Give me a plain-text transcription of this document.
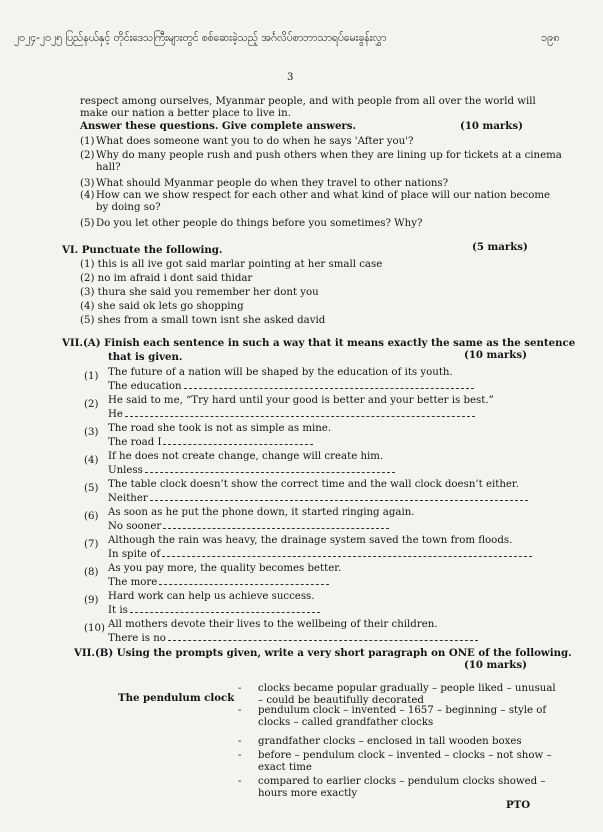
၂၀၂၄-၂၀၂၅ ပြည်နယ်နှင့် တိုင်းဒေသကြီးများတွင် စစ်ဆေးခဲ့သည့် အင်္ဂလိပ်စာဘာသာရပ်မေးခွန်းလွှာ	၁၉၈
3
respect among ourselves, Myanmar people, and with people from all over the world will
make our nation a better place to live in.
Answer these questions. Give complete answers.	(10 marks)
(1) What does someone want you to do when he says 'After you'?
(2) Why do many people rush and push others when they are lining up for tickets at a cinema
hall?
(3) What should Myanmar people do when they travel to other nations?
(4) How can we show respect for each other and what kind of place will our nation become
by doing so?
(5) Do you let other people do things before you sometimes? Why?
VI. Punctuate the following.	(5 marks)
(1) this is all ive got said marlar pointing at her small case
(2) no im afraid i dont said thidar
(3) thura she said you remember her dont you
(4) she said ok lets go shopping
(5) shes from a small town isnt she asked david
VII.(A) Finish each sentence in such a way that it means exactly the same as the sentence
that is given.	(10 marks)
(1) The future of a nation will be shaped by the education of its youth.
The education
(2) He said to me, “Try hard until your good is better and your better is best.”
He
(3) The road she took is not as simple as mine.
The road I
(4) If he does not create change, change will create him.
Unless
(5) The table clock doesn’t show the correct time and the wall clock doesn’t either.
Neither
(6) As soon as he put the phone down, it started ringing again.
No sooner
(7) Although the rain was heavy, the drainage system saved the town from floods.
In spite of
(8) As you pay more, the quality becomes better.
The more
(9) Hard work can help us achieve success.
It is
(10) All mothers devote their lives to the wellbeing of their children.
There is no
VII.(B) Using the prompts given, write a very short paragraph on ONE of the following.
(10 marks)
The pendulum clock
- clocks became popular gradually – people liked – unusual
– could be beautifully decorated
- pendulum clock – invented – 1657 – beginning – style of
clocks – called grandfather clocks
- grandfather clocks – enclosed in tall wooden boxes
- before – pendulum clock – invented – clocks – not show –
exact time
- compared to earlier clocks – pendulum clocks showed –
hours more exactly
PTO
